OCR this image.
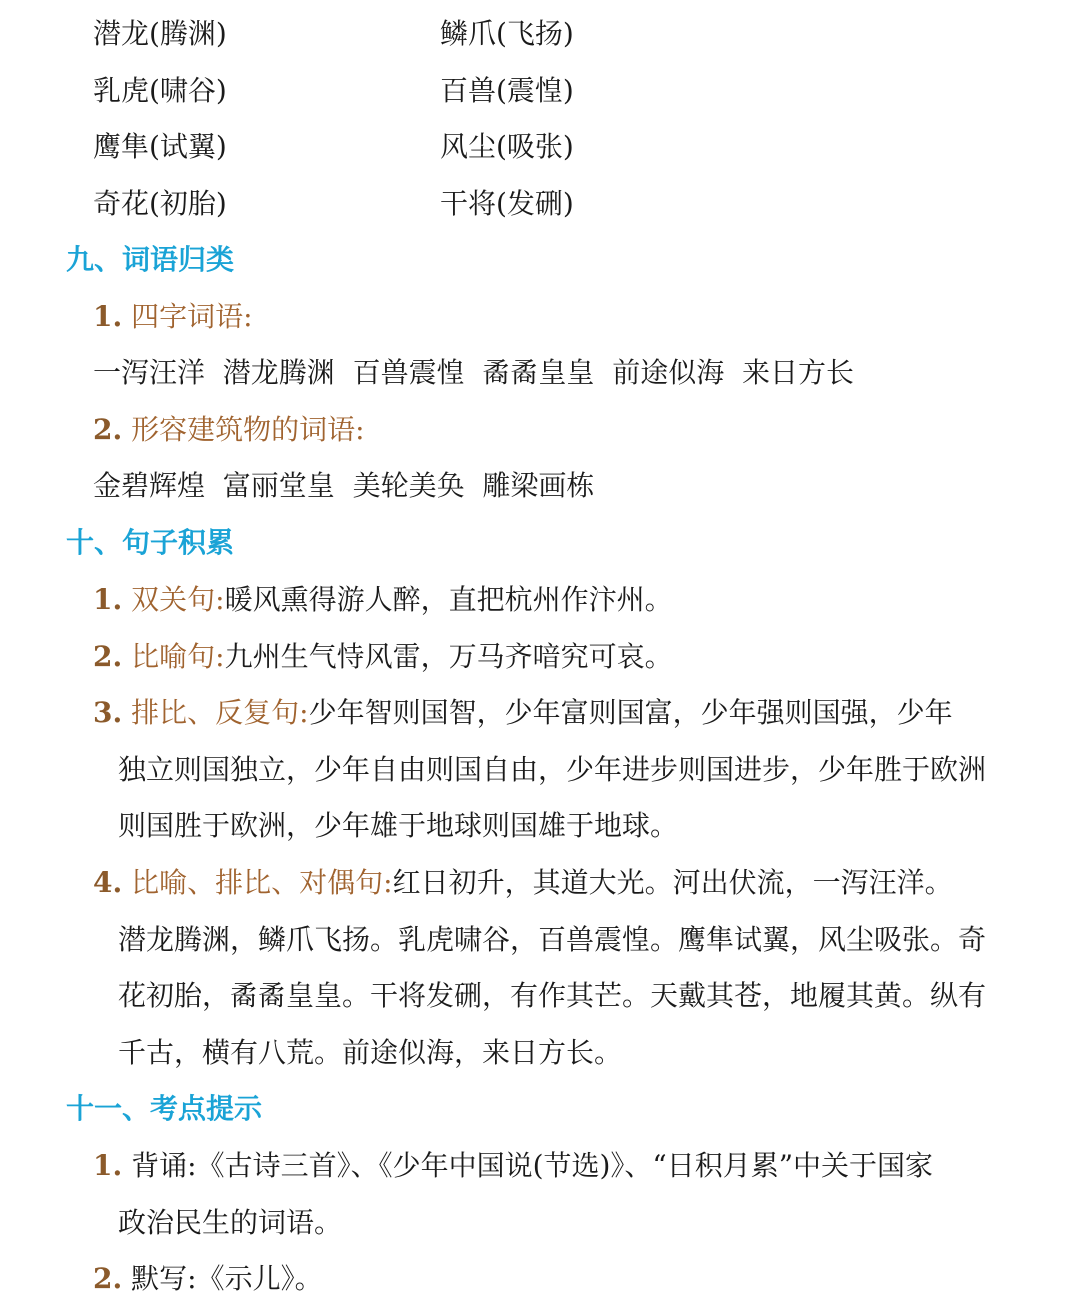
潜龙(腾渊)	鳞爪(飞扬)
乳虎(啸谷)	百兽(震惶)
鹰隼(试翼)	风尘(吸张)
奇花(初胎)	干将(发硎)
九、词语归类
1. 四字词语:
一泻汪洋  潜龙腾渊  百兽震惶  矞矞皇皇  前途似海  来日方长
2. 形容建筑物的词语:
金碧辉煌  富丽堂皇  美轮美奂  雕梁画栋
十、句子积累
1. 双关句:暖风熏得游人醉，直把杭州作汴州。
2. 比喻句:九州生气恃风雷，万马齐喑究可哀。
3. 排比、反复句:少年智则国智，少年富则国富，少年强则国强，少年
独立则国独立，少年自由则国自由，少年进步则国进步，少年胜于欧洲
则国胜于欧洲，少年雄于地球则国雄于地球。
4. 比喻、排比、对偶句:红日初升，其道大光。河出伏流，一泻汪洋。
潜龙腾渊，鳞爪飞扬。乳虎啸谷，百兽震惶。鹰隼试翼，风尘吸张。奇
花初胎，矞矞皇皇。干将发硎，有作其芒。天戴其苍，地履其黄。纵有
千古，横有八荒。前途似海，来日方长。
十一、考点提示
1. 背诵:《古诗三首》、《少年中国说(节选)》、“日积月累”中关于国家
政治民生的词语。
2. 默写:《示儿》。
